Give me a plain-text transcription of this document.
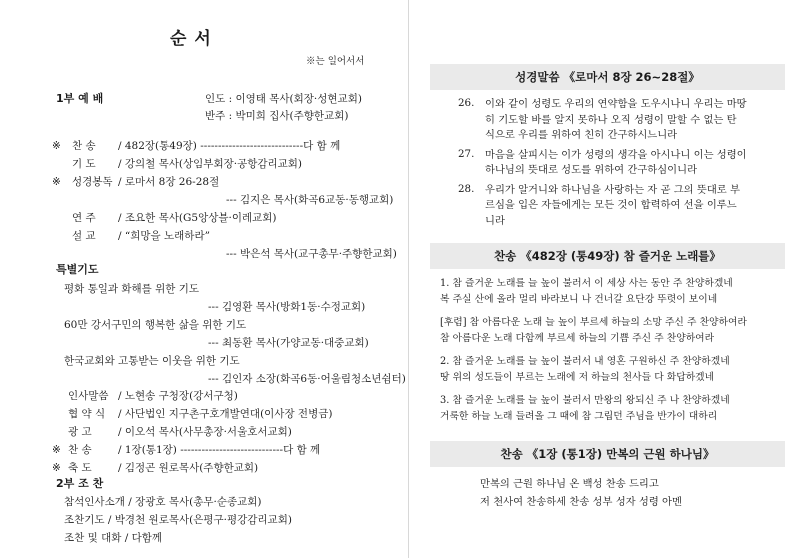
순 서
※는 일어서서
1부 예 배	인도 : 이영태 목사(회장·성현교회)
반주 : 박미희 집사(주향한교회)
※ 찬 송 / 482장(통49장) -----------------------------다 함 께
기 도 / 강의철 목사(상임부회장·공항감리교회)
※ 성경봉독 / 로마서 8장 26-28절
--- 김지은 목사(화곡6교동·동행교회)
연 주 / 조요한 목사(G5앙상블·이레교회)
설 교 / “희망을 노래하라”
--- 박은석 목사(교구총무·주향한교회)
특별기도
평화 통일과 화해를 위한 기도
--- 김영환 목사(방화1동·수정교회)
60만 강서구민의 행복한 삶을 위한 기도
--- 최동환 목사(가양교동·대중교회)
한국교회와 고통받는 이웃을 위한 기도
--- 김인자 소장(화곡6동·어울림청소년쉼터)
인사말씀 / 노현송 구청장(강서구청)
협 약 식 / 사단법인 지구촌구호개발연대(이사장 전병금)
광 고	/ 이오석 목사(사무총장·서울호서교회)
※ 찬 송	/ 1장(통1장) -----------------------------다 함 께
※ 축 도	/ 김정곤 원로목사(주향한교회)
2부 조 찬
참석인사소개 / 장광호 목사(총무·순종교회)
조찬기도 / 박경천 원로목사(은평구·평강감리교회)
조찬 및 대화 / 다함께
성경말씀 《로마서 8장 26~28절》
26. 이와 같이 성령도 우리의 연약함을 도우시나니 우리는 마땅
히 기도할 바를 알지 못하나 오직 성령이 말할 수 없는 탄
식으로 우리를 위하여 친히 간구하시느니라
27. 마음을 살피시는 이가 성령의 생각을 아시나니 이는 성령이
하나님의 뜻대로 성도를 위하여 간구하심이니라
28. 우리가 알거니와 하나님을 사랑하는 자 곧 그의 뜻대로 부
르심을 입은 자들에게는 모든 것이 합력하여 선을 이루느
니라
찬송 《482장 (통49장) 참 즐거운 노래를》
1. 참 즐거운 노래를 늘 높이 불러서 이 세상 사는 동안 주 찬양하겠네
복 주실 산에 올라 멀리 바라보니 나 건너갈 요단강 뚜렷이 보이네
[후렴] 참 아름다운 노래 늘 높이 부르세 하늘의 소망 주신 주 찬양하여라
참 아름다운 노래 다함께 부르세 하늘의 기쁨 주신 주 찬양하여라
2. 참 즐거운 노래를 늘 높이 불러서 내 영혼 구원하신 주 찬양하겠네
땅 위의 성도들이 부르는 노래에 저 하늘의 천사들 다 화답하겠네
3. 참 즐거운 노래를 늘 높이 불러서 만왕의 왕되신 주 나 찬양하겠네
거룩한 하늘 노래 들려올 그 때에 참 그립던 주님을 반가이 대하리
찬송 《1장 (통1장) 만복의 근원 하나님》
만복의 근원 하나님 온 백성 찬송 드리고
저 천사여 찬송하세 찬송 성부 성자 성령 아멘
